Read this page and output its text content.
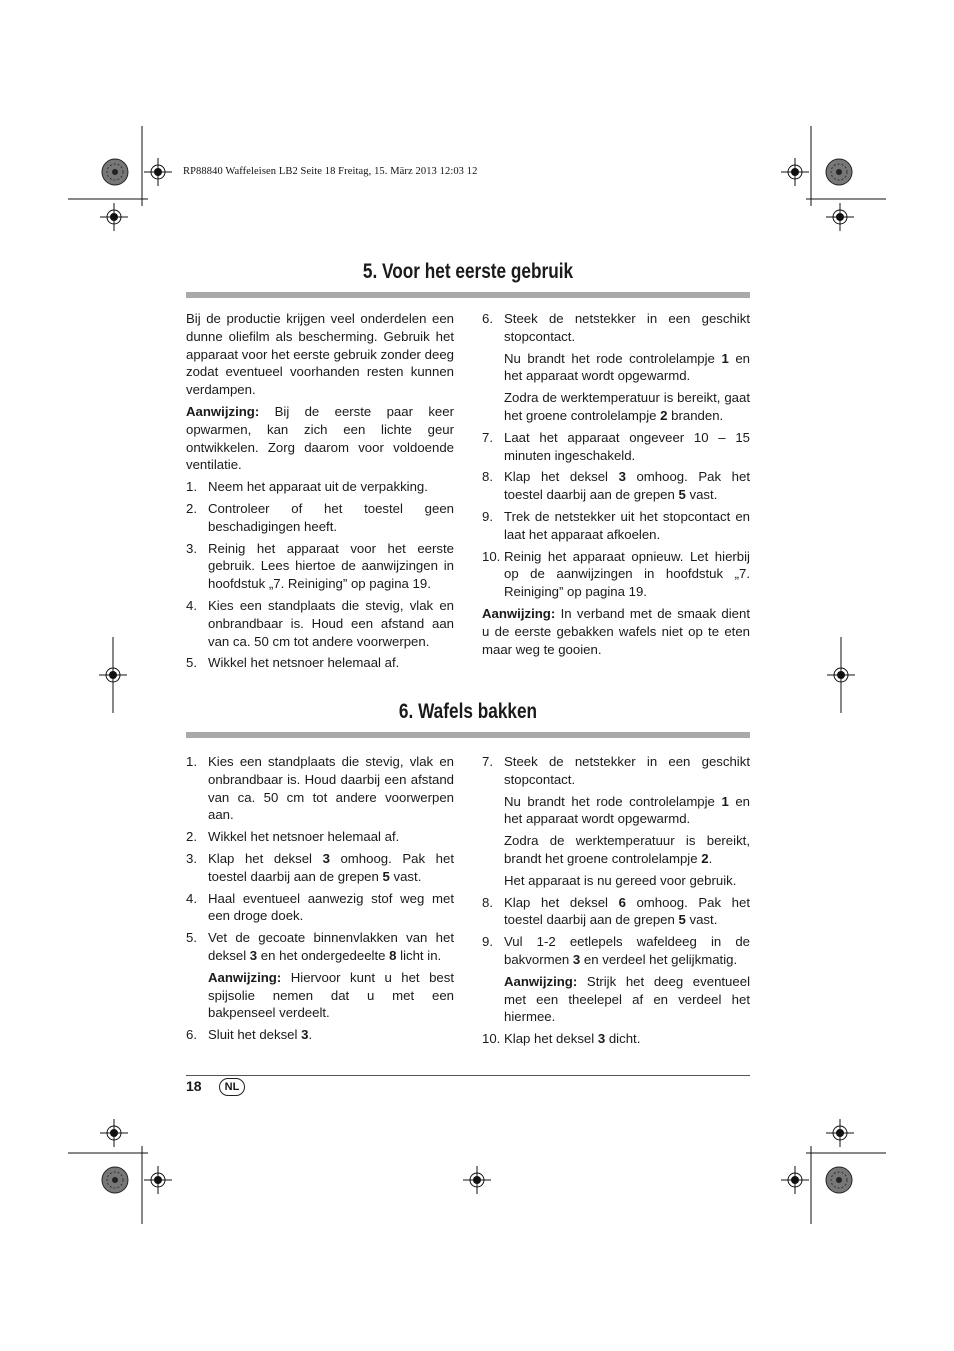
RP88840 Waffeleisen LB2 Seite 18 Freitag, 15. März 2013 12:03 12
5. Voor het eerste gebruik

Bij de productie krijgen veel onderdelen een dunne oliefilm als bescherming. Gebruik het apparaat voor het eerste gebruik zonder deeg zodat eventueel voorhanden resten kunnen verdampen.

Aanwijzing: Bij de eerste paar keer opwarmen, kan zich een lichte geur ontwikkelen. Zorg daarom voor voldoende ventilatie.

1. Neem het apparaat uit de verpakking.
2. Controleer of het toestel geen beschadigingen heeft.
3. Reinig het apparaat voor het eerste gebruik. Lees hiertoe de aanwijzingen in hoofdstuk „7. Reiniging” op pagina 19.
4. Kies een standplaats die stevig, vlak en onbrandbaar is. Houd een afstand aan van ca. 50 cm tot andere voorwerpen.
5. Wikkel het netsnoer helemaal af.
6. Steek de netstekker in een geschikt stopcontact.

Nu brandt het rode controlelampje 1 en het apparaat wordt opgewarmd.

Zodra de werktemperatuur is bereikt, gaat het groene controlelampje 2 branden.

7. Laat het apparaat ongeveer 10 – 15 minuten ingeschakeld.
8. Klap het deksel 3 omhoog. Pak het toestel daarbij aan de grepen 5 vast.
9. Trek de netstekker uit het stopcontact en laat het apparaat afkoelen.
10. Reinig het apparaat opnieuw. Let hierbij op de aanwijzingen in hoofdstuk „7. Reiniging” op pagina 19.

Aanwijzing: In verband met de smaak dient u de eerste gebakken wafels niet op te eten maar weg te gooien.

6. Wafels bakken
1. Kies een standplaats die stevig, vlak en onbrandbaar is. Houd daarbij een afstand van ca. 50 cm tot andere voorwerpen aan.
2. Wikkel het netsnoer helemaal af.
3. Klap het deksel 3 omhoog. Pak het toestel daarbij aan de grepen 5 vast.
4. Haal eventueel aanwezig stof weg met een droge doek.
5. Vet de gecoate binnenvlakken van het deksel 3 en het ondergedeelte 8 licht in.

Aanwijzing: Hiervoor kunt u het best spijsolie nemen dat u met een bakpenseel verdeelt.

6. Sluit het deksel 3.
7. Steek de netstekker in een geschikt stopcontact.

Nu brandt het rode controlelampje 1 en het apparaat wordt opgewarmd.

Zodra de werktemperatuur is bereikt, brandt het groene controlelampje 2.

Het apparaat is nu gereed voor gebruik.

8. Klap het deksel 6 omhoog. Pak het toestel daarbij aan de grepen 5 vast.
9. Vul 1-2 eetlepels wafeldeeg in de bakvormen 3 en verdeel het gelijkmatig.

Aanwijzing: Strijk het deeg eventueel met een theelepel af en verdeel het hiermee.

10. Klap het deksel 3 dicht.
18	NL
